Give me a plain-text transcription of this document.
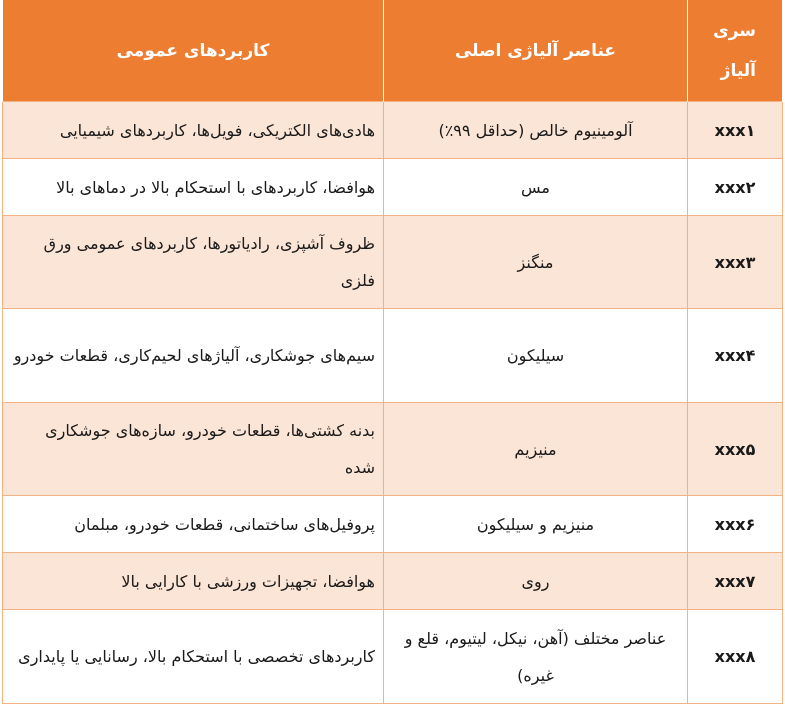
سری آلیاژ	عناصر آلیاژی اصلی	کاربردهای عمومی
xxx۱	آلومینیوم خالص (حداقل ۹۹٪)	هادی‌های الکتریکی، فویل‌ها، کاربردهای شیمیایی
xxx۲	مس	هوافضا، کاربردهای با استحکام بالا در دماهای بالا
xxx۳	منگنز	ظروف آشپزی، رادیاتورها، کاربردهای عمومی ورق فلزی
xxx۴	سیلیکون	سیم‌های جوشکاری، آلیاژهای لحیم‌کاری، قطعات خودرو
xxx۵	منیزیم	بدنه کشتی‌ها، قطعات خودرو، سازه‌های جوشکاری شده
xxx۶	منیزیم و سیلیکون	پروفیل‌های ساختمانی، قطعات خودرو، مبلمان
xxx۷	روی	هوافضا، تجهیزات ورزشی با کارایی بالا
xxx۸	عناصر مختلف (آهن، نیکل، لیتیوم، قلع و غیره)	کاربردهای تخصصی با استحکام بالا، رسانایی یا پایداری
